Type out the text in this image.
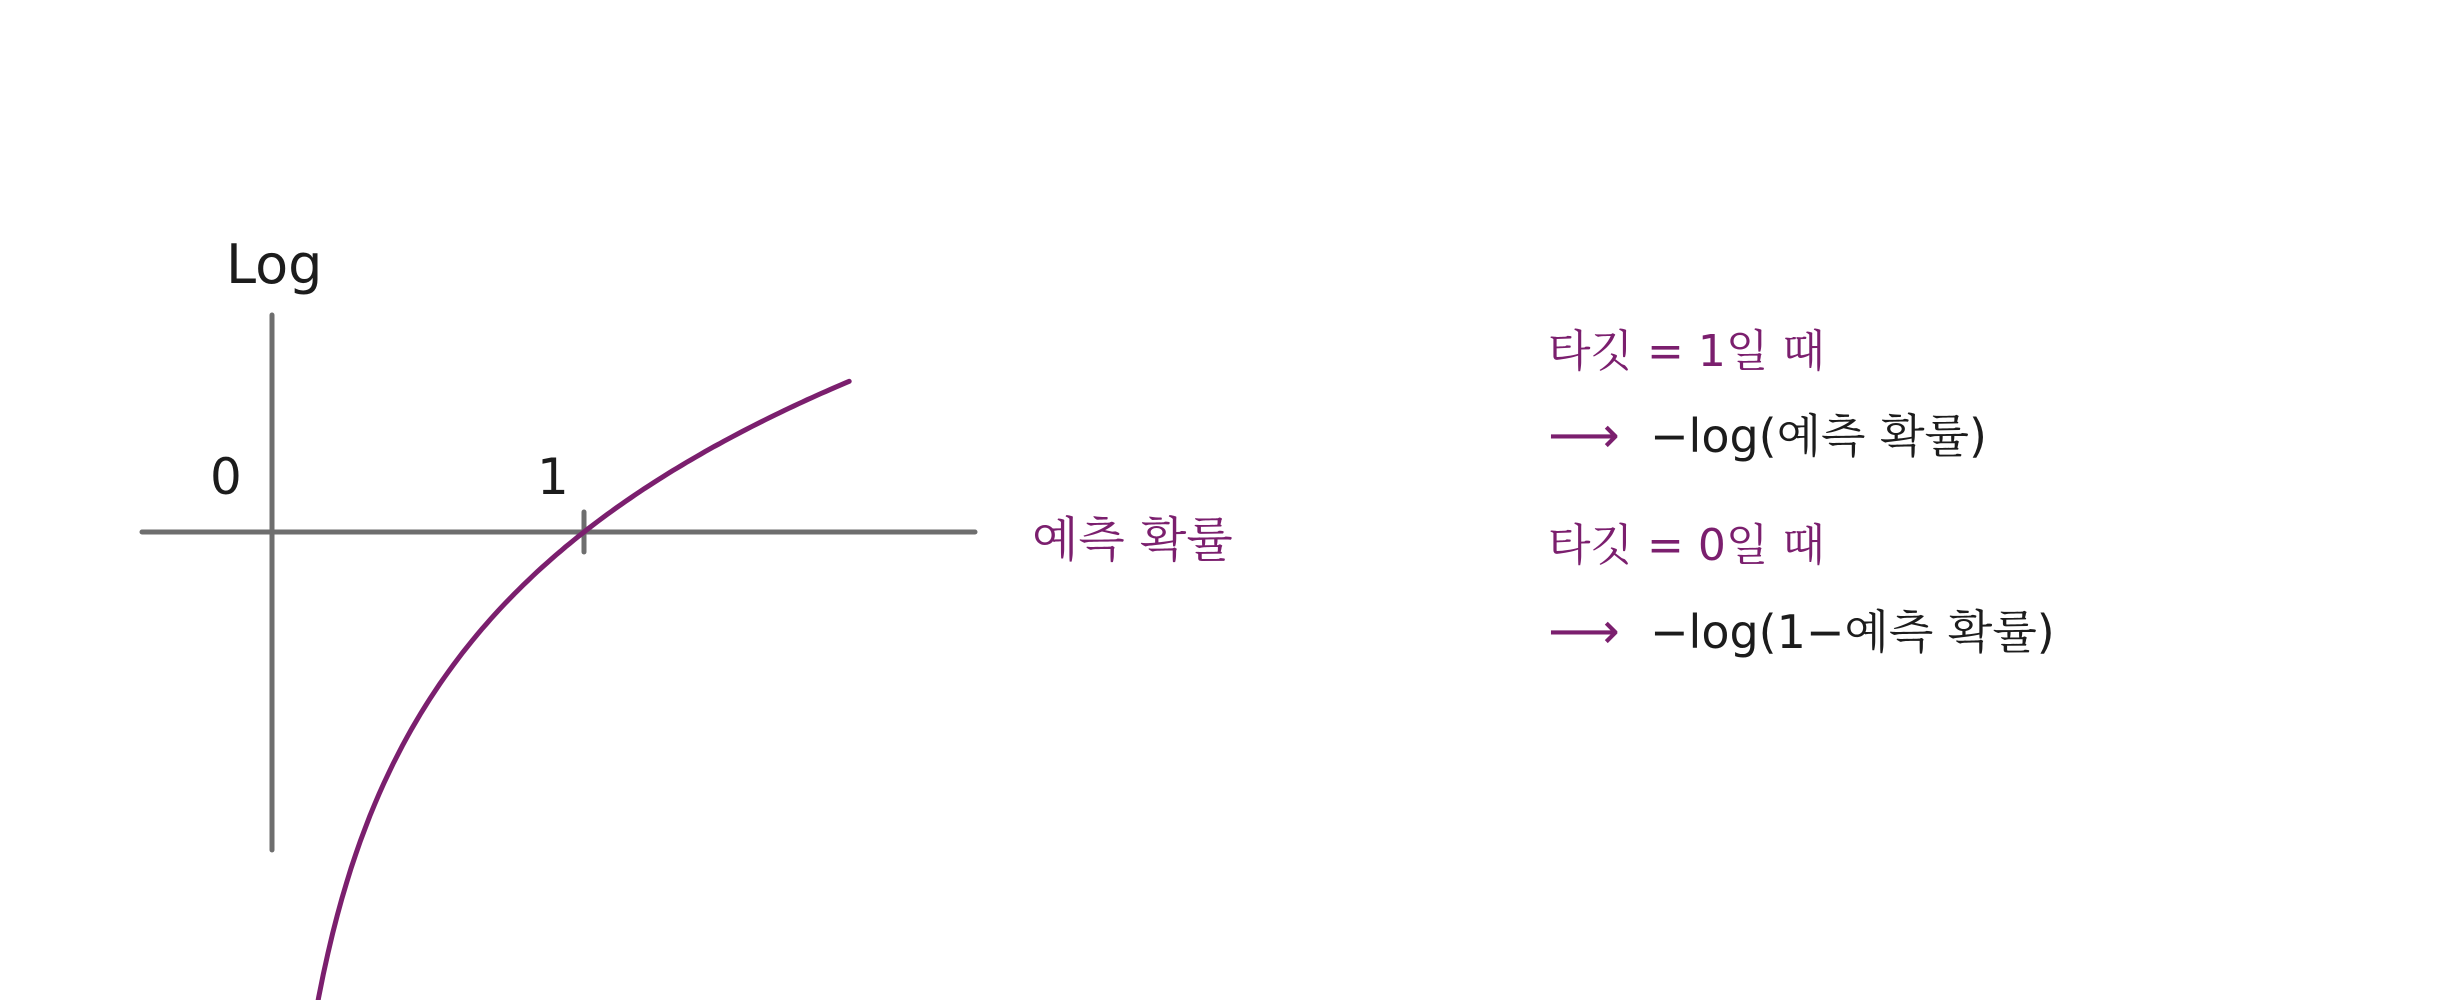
Log
0	1
예측 확률
타깃 = 1일 때
⟶ −log(예측 확률)
타깃 = 0일 때
⟶ −log(1−예측 확률)
